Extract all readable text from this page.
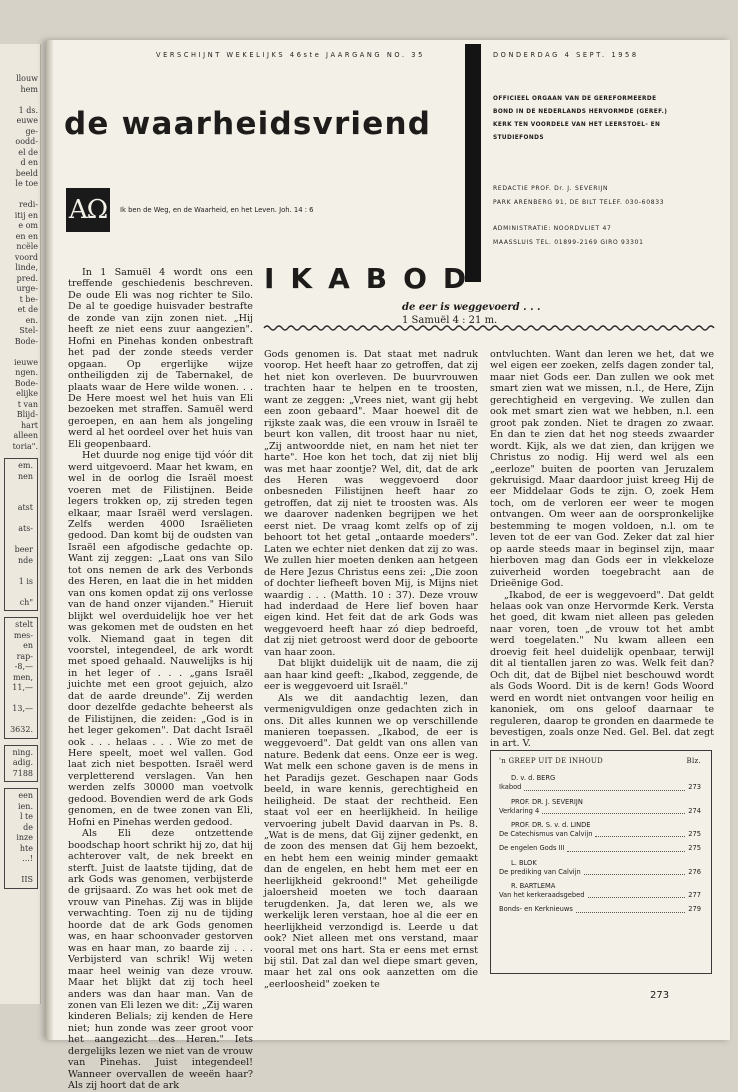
llouw
hem

1 ds.
euwe
ge-
oodd-
el de
d en
beeld
le toe

redi-
itij en
e om
en en
ncële
voord
linde,
pred.
urge-
t be-
et de
en.
Stel-
Bode-

ieuwe
ngen.
Bode-
elijke
t van
Blijd-
hart
alleen
toria".
em.
nen

atst

ats-

beer
nde

1 is

ch"
stelt
mes-
en
rap-
-8,—
men,
11,—

13,—

3632.
ning.
adig.
7188
een
ien.
l te
de
inze
hte
...!

IIS
VERSCHIJNT WEKELIJKS 46ste JAARGANG NO. 35	DONDERDAG 4 SEPT. 1958
de waarheidsvriend
OFFICIEEL ORGAAN VAN DE GEREFORMEERDE
BOND IN DE NEDERLANDS HERVORMDE (GEREF.)
KERK TEN VOORDELE VAN HET LEERSTOEL- EN
STUDIEFONDS
REDACTIE PROF. Dr. J. SEVERIJN
PARK ARENBERG 91, DE BILT TELEF. 030-60833
ADMINISTRATIE: NOORDVLIET 47
MAASSLUIS TEL. 01899-2169 GIRO 93301
AΩ	Ik ben de Weg, en de Waarheid, en het Leven. Joh. 14 : 6
IKABOD
de eer is weggevoerd . . .
1 Samuël 4 : 21 m.

In 1 Samuël 4 wordt ons een treffende geschiedenis beschreven. De oude Eli was nog richter te Silo. De al te goedige huisvader bestrafte de zonde van zijn zonen niet. „Hij heeft ze niet eens zuur aangezien". Hofni en Pinehas konden onbestraft het pad der zonde steeds verder opgaan. Op ergerlijke wijze ontheiligden zij de Tabernakel, de plaats waar de Here wilde wonen. . . De Here moest wel het huis van Eli bezoeken met straffen. Samuël werd geroepen, en aan hem als jongeling werd al het oordeel over het huis van Eli geopenbaard.

Het duurde nog enige tijd vóór dit werd uitgevoerd. Maar het kwam, en wel in de oorlog die Israël moest voeren met de Filistijnen. Beide legers trokken op, zij streden tegen elkaar, maar Israël werd verslagen. Zelfs werden 4000 Israëlieten gedood. Dan komt bij de oudsten van Israël een afgodische gedachte op. Want zij zeggen: „Laat ons van Silo tot ons nemen de ark des Verbonds des Heren, en laat die in het midden van ons komen opdat zij ons verlosse van de hand onzer vijanden." Hieruit blijkt wel overduidelijk hoe ver het was gekomen met de oudsten en het volk. Niemand gaat in tegen dit voorstel, integendeel, de ark wordt met spoed gehaald. Nauwelijks is hij in het leger of . . . „gans Israël juichte met een groot gejuich, alzo dat de aarde dreunde". Zij werden door dezelfde gedachte beheerst als de Filistijnen, die zeiden: „God is in het leger gekomen". Dat dacht Israël ook . . . helaas . . . Wie zo met de Here speelt, moet wel vallen. God laat zich niet bespotten. Israël werd verpletterend verslagen. Van hen werden zelfs 30000 man voetvolk gedood. Bovendien werd de ark Gods genomen, en de twee zonen van Eli, Hofni en Pinehas werden gedood.

Als Eli deze ontzettende boodschap hoort schrikt hij zo, dat hij achterover valt, de nek breekt en sterft. Juist de laatste tijding, dat de ark Gods was genomen, verbijsterde de grijsaard. Zo was het ook met de vrouw van Pinehas. Zij was in blijde verwachting. Toen zij nu de tijding hoorde dat de ark Gods genomen was, en haar schoonvader gestorven was en haar man, zo baarde zij . . . Verbijsterd van schrik! Wij weten maar heel weinig van deze vrouw. Maar het blijkt dat zij toch heel anders was dan haar man. Van de zonen van Eli lezen we dit: „Zij waren kinderen Belials; zij kenden de Here niet; hun zonde was zeer groot voor het aangezicht des Heren." Iets dergelijks lezen we niet van de vrouw van Pinehas. Juist integendeel! Wanneer overvallen de weeën haar? Als zij hoort dat de ark

Gods genomen is. Dat staat met nadruk voorop. Het heeft haar zo getroffen, dat zij het niet kon overleven. De buurvrouwen trachten haar te helpen en te troosten, want ze zeggen: „Vrees niet, want gij hebt een zoon gebaard". Maar hoewel dit de rijkste zaak was, die een vrouw in Israël te beurt kon vallen, dit troost haar nu niet, „Zij antwoordde niet, en nam het niet ter harte". Hoe kon het toch, dat zij niet blij was met haar zoontje? Wel, dit, dat de ark des Heren was weggevoerd door onbesneden Filistijnen heeft haar zo getroffen, dat zij niet te troosten was. Als we daarover nadenken begrijpen we het eerst niet. De vraag komt zelfs op of zij behoort tot het getal „ontaarde moeders". Laten we echter niet denken dat zij zo was. We zullen hier moeten denken aan hetgeen de Here Jezus Christus eens zei: „Die zoon of dochter liefheeft boven Mij, is Mijns niet waardig . . . (Matth. 10 : 37). Deze vrouw had inderdaad de Here lief boven haar eigen kind. Het feit dat de ark Gods was weggevoerd heeft haar zó diep bedroefd, dat zij niet getroost werd door de geboorte van haar zoon.

Dat blijkt duidelijk uit de naam, die zij aan haar kind geeft: „Ikabod, zeggende, de eer is weggevoerd uit Israël."

Als we dit aandachtig lezen, dan vermenigvuldigen onze gedachten zich in ons. Dit alles kunnen we op verschillende manieren toepassen. „Ikabod, de eer is weggevoerd". Dat geldt van ons allen van nature. Bedenk dat eens. Onze eer is weg. Wat melk een schone gaven is de mens in het Paradijs gezet. Geschapen naar Gods beeld, in ware kennis, gerechtigheid en heiligheid. De staat der rechtheid. Een staat vol eer en heerlijkheid. In heilige vervoering jubelt David daarvan in Ps. 8. „Wat is de mens, dat Gij zijner gedenkt, en de zoon des mensen dat Gij hem bezoekt, en hebt hem een weinig minder gemaakt dan de engelen, en hebt hem met eer en heerlijkheid gekroond!" Met geheiligde jaloersheid moeten we toch daaraan terugdenken. Ja, dat leren we, als we werkelijk leren verstaan, hoe al die eer en heerlijkheid verzondigd is. Leerde u dat ook? Niet alleen met ons verstand, maar vooral met ons hart. Sta er eens met ernst bij stil. Dat zal dan wel diepe smart geven, maar het zal ons ook aanzetten om die „eerloosheid" zoeken te

ontvluchten. Want dan leren we het, dat we wel eigen eer zoeken, zelfs dagen zonder tal, maar niet Gods eer. Dan zullen we ook met smart zien wat we missen, n.l., de Here, Zijn gerechtigheid en vergeving. We zullen dan ook met smart zien wat we hebben, n.l. een groot pak zonden. Niet te dragen zo zwaar. En dan te zien dat het nog steeds zwaarder wordt. Kijk, als we dat zien, dan krijgen we Christus zo nodig. Hij werd wel als een „eerloze" buiten de poorten van Jeruzalem gekruisigd. Maar daardoor juist kreeg Hij de eer Middelaar Gods te zijn. O, zoek Hem toch, om de verloren eer weer te mogen ontvangen. Om weer aan de oorspronkelijke bestemming te mogen voldoen, n.l. om te leven tot de eer van God. Zeker dat zal hier op aarde steeds maar in beginsel zijn, maar hierboven mag dan Gods eer in vlekkeloze zuiverheid worden toegebracht aan de Drieënige God.

„Ikabod, de eer is weggevoerd". Dat geldt helaas ook van onze Hervormde Kerk. Versta het goed, dit kwam niet alleen pas geleden naar voren, toen „de vrouw tot het ambt werd toegelaten." Nu kwam alleen een droevig feit heel duidelijk openbaar, terwijl dit al tientallen jaren zo was. Welk feit dan? Och dit, dat de Bijbel niet beschouwd wordt als Gods Woord. Dit is de kern! Gods Woord werd en wordt niet ontvangen voor heilig en kanoniek, om ons geloof daarnaar te reguleren, daarop te gronden en daarmede te bevestigen, zoals onze Ned. Gel. Bel. dat zegt in art. V.

'n GREEP UIT DE INHOUD	Blz.
D. v. d. BERG
Ikabod	273
PROF. DR. J. SEVERIJN
Verklaring 4	274
PROF. DR. S. v. d. LINDE
De Catechismus van Calvijn	275
De engelen Gods III	275
L. BLOK
De prediking van Calvijn	276
R. BARTLEMA
Van het kerkeraadsgebed	277
Bonds- en Kerknieuws	279
273
